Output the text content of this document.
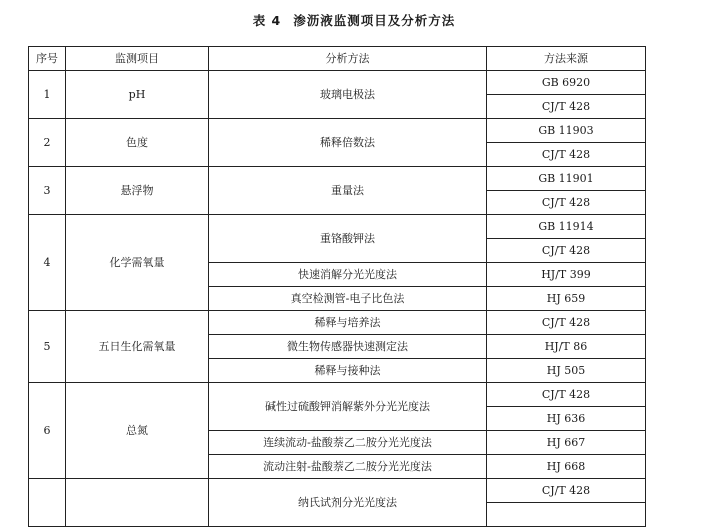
表 4 渗沥液监测项目及分析方法
序号	监测项目	分析方法	方法来源
1	pH	玻璃电极法	GB 6920
			CJ/T 428
2	色度	稀释倍数法	GB 11903
			CJ/T 428
3	悬浮物	重量法	GB 11901
			CJ/T 428
4	化学需氧量	重铬酸钾法	GB 11914
			CJ/T 428
		快速消解分光光度法	HJ/T 399
		真空检测管-电子比色法	HJ 659
5	五日生化需氧量	稀释与培养法	CJ/T 428
		微生物传感器快速测定法	HJ/T 86
		稀释与接种法	HJ 505
6	总氮	碱性过硫酸钾消解紫外分光光度法	CJ/T 428
			HJ 636
		连续流动-盐酸萘乙二胺分光光度法	HJ 667
		流动注射-盐酸萘乙二胺分光光度法	HJ 668
		纳氏试剂分光光度法	CJ/T 428
